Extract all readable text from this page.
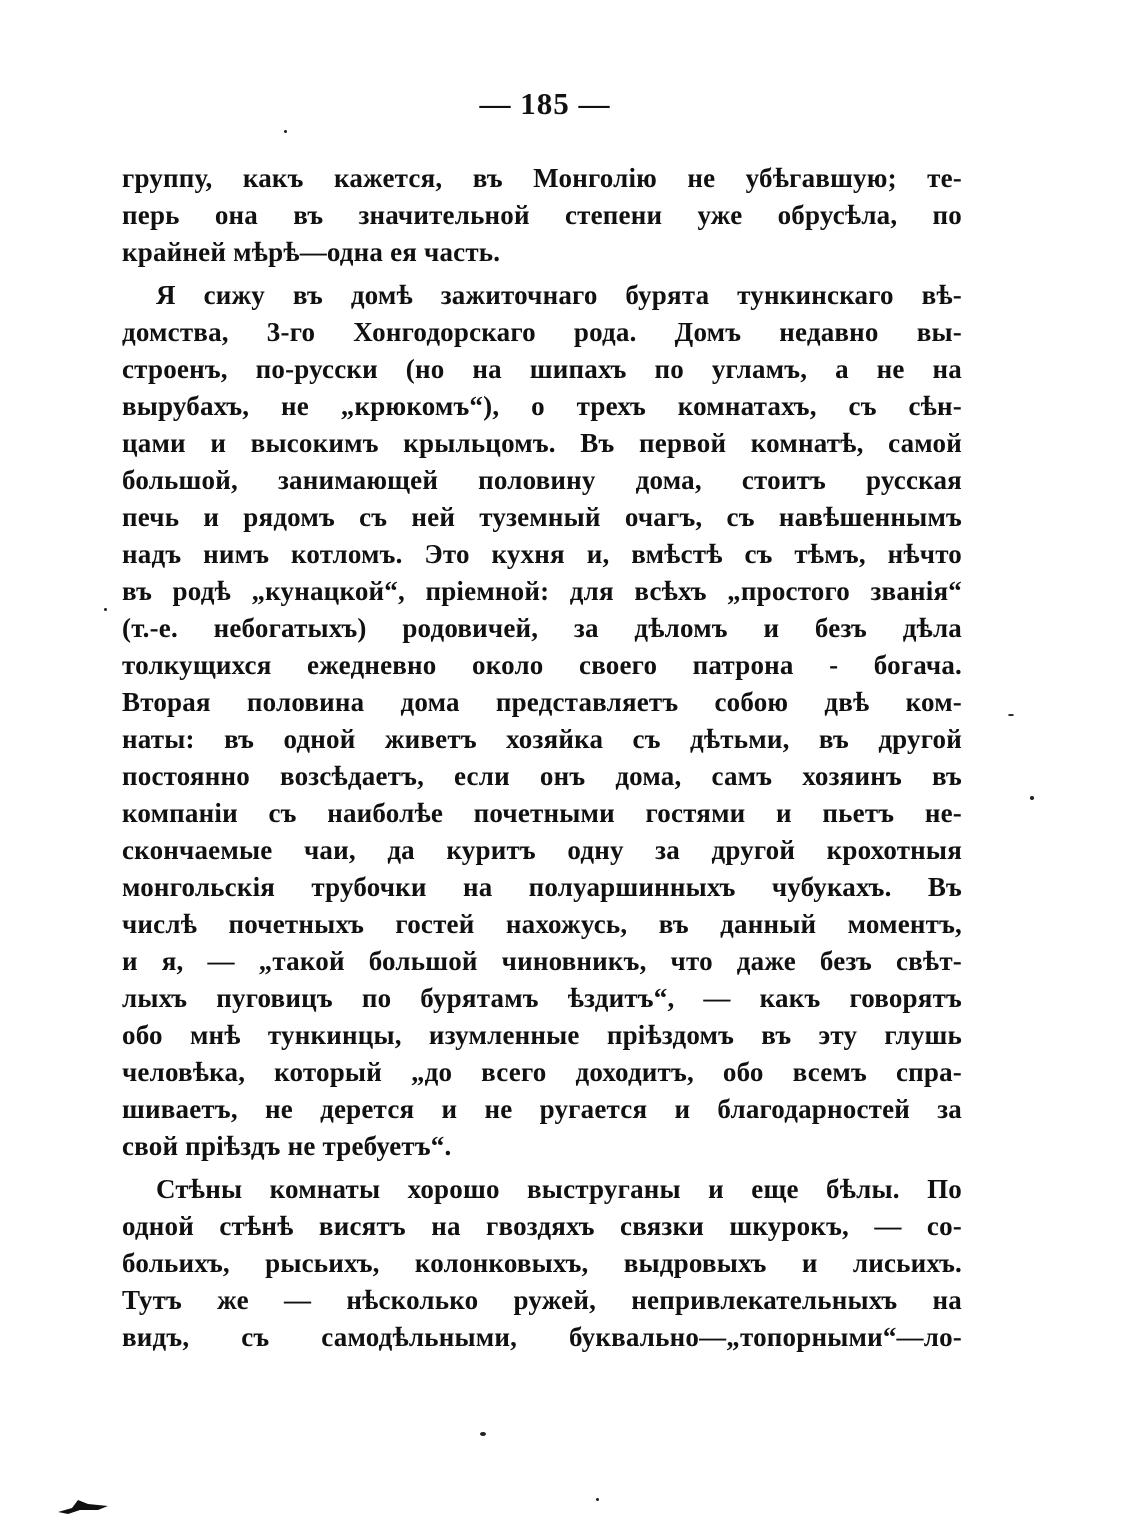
— 185 —
группу, какъ кажется, въ Монголію не убѣгавшую; те-
перь она въ значительной степени уже обрусѣла, по
крайней мѣрѣ—одна ея часть.
Я сижу въ домѣ зажиточнаго бурята тункинскаго вѣ-
домства, 3-го Хонгодорскаго рода. Домъ недавно вы-
строенъ, по-русски (но на шипахъ по угламъ, а не на
вырубахъ, не „крюкомъ“), о трехъ комнатахъ, съ сѣн-
цами и высокимъ крыльцомъ. Въ первой комнатѣ, самой
большой, занимающей половину дома, стоитъ русская
печь и рядомъ съ ней туземный очагъ, съ навѣшеннымъ
надъ нимъ котломъ. Это кухня и, вмѣстѣ съ тѣмъ, нѣчто
въ родѣ „кунацкой“, пріемной: для всѣхъ „простого званія“
(т.-е. небогатыхъ) родовичей, за дѣломъ и безъ дѣла
толкущихся ежедневно около своего патрона - богача.
Вторая половина дома представляетъ собою двѣ ком-
наты: въ одной живетъ хозяйка съ дѣтьми, въ другой
постоянно возсѣдаетъ, если онъ дома, самъ хозяинъ въ
компаніи съ наиболѣе почетными гостями и пьетъ не-
скончаемые чаи, да куритъ одну за другой крохотныя
монгольскія трубочки на полуаршинныхъ чубукахъ. Въ
числѣ почетныхъ гостей нахожусь, въ данный моментъ,
и я, — „такой большой чиновникъ, что даже безъ свѣт-
лыхъ пуговицъ по бурятамъ ѣздитъ“, — какъ говорятъ
обо мнѣ тункинцы, изумленные пріѣздомъ въ эту глушь
человѣка, который „до всего доходитъ, обо всемъ спра-
шиваетъ, не дерется и не ругается и благодарностей за
свой пріѣздъ не требуетъ“.
Стѣны комнаты хорошо выструганы и еще бѣлы. По
одной стѣнѣ висятъ на гвоздяхъ связки шкурокъ, — со-
больихъ, рысьихъ, колонковыхъ, выдровыхъ и лисьихъ.
Тутъ же — нѣсколько ружей, непривлекательныхъ на
видъ, съ самодѣльными, буквально—„топорными“—ло-
